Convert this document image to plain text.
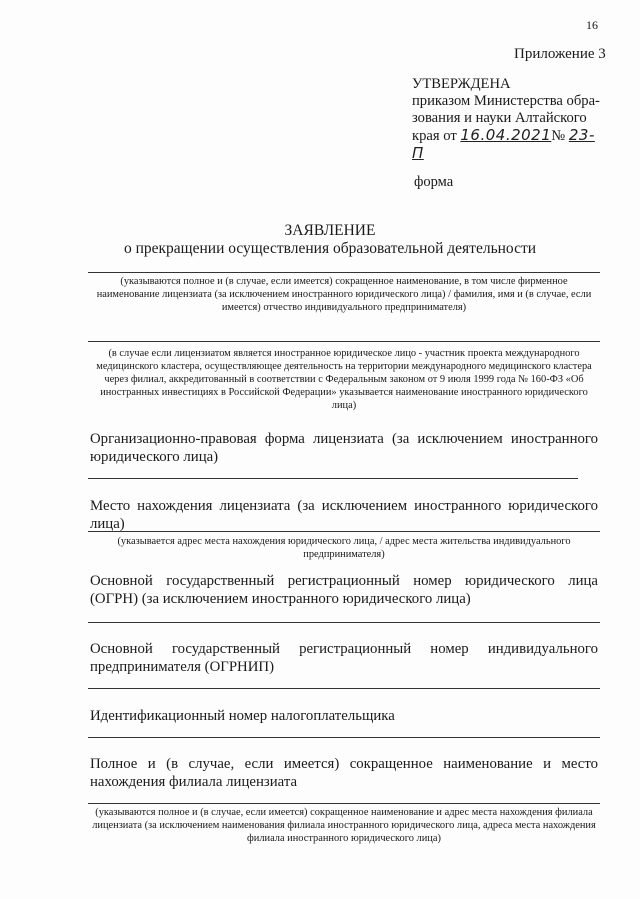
16
Приложение 3
УТВЕРЖДЕНА
приказом Министерства обра-
зования и науки Алтайского
края от 16.04.2021№ 23-П
форма
ЗАЯВЛЕНИЕ
о прекращении осуществления образовательной деятельности
(указываются полное и (в случае, если имеется) сокращенное наименование, в том числе фирменное наименование лицензиата (за исключением иностранного юридического лица) / фамилия, имя и (в случае, если имеется) отчество индивидуального предпринимателя)
(в случае если лицензиатом является иностранное юридическое лицо - участник проекта международного медицинского кластера, осуществляющее деятельность на территории международного медицинского кластера через филиал, аккредитованный в соответствии с Федеральным законом от 9 июля 1999 года № 160-ФЗ «Об иностранных инвестициях в Российской Федерации» указывается наименование иностранного юридического лица)
Организационно-правовая форма лицензиата (за исключением иностранного юридического лица)
Место нахождения лицензиата (за исключением иностранного юридического лица)
(указывается адрес места нахождения юридического лица, / адрес места жительства индивидуального предпринимателя)
Основной государственный регистрационный номер юридического лица (ОГРН) (за исключением иностранного юридического лица)
Основной государственный регистрационный номер индивидуального предпринимателя (ОГРНИП)
Идентификационный номер налогоплательщика
Полное и (в случае, если имеется) сокращенное наименование и место нахождения филиала лицензиата
(указываются полное и (в случае, если имеется) сокращенное наименование и адрес места нахождения филиала лицензиата (за исключением наименования филиала иностранного юридического лица, адреса места нахождения филиала иностранного юридического лица)
